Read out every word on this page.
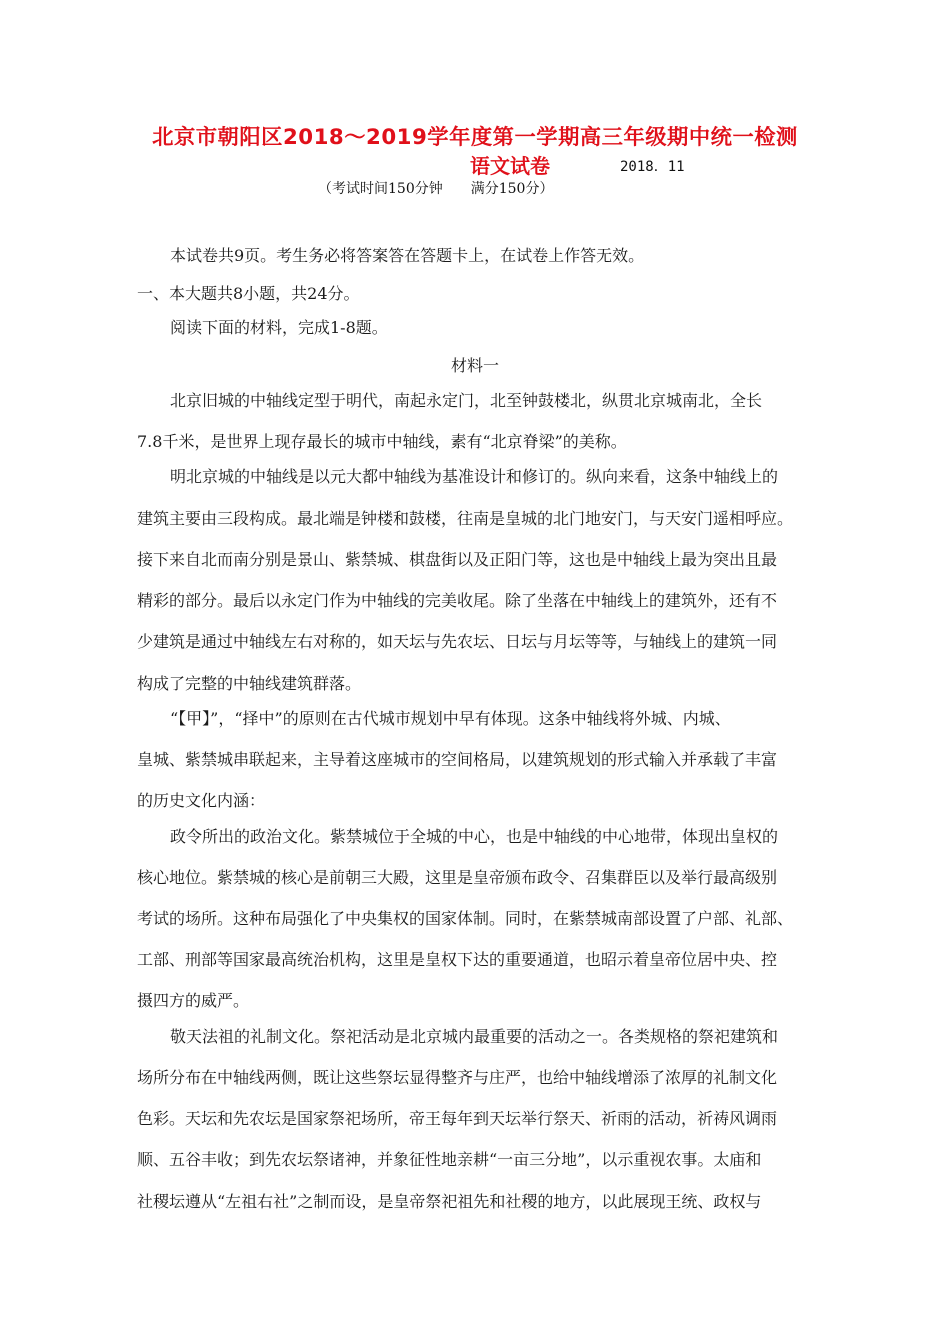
北京市朝阳区2018～2019学年度第一学期高三年级期中统一检测
语文试卷	2018．11
（考试时间150分钟　　满分150分）
本试卷共9页。考生务必将答案答在答题卡上，在试卷上作答无效。
一、本大题共8小题，共24分。
阅读下面的材料，完成1-8题。
材料一
北京旧城的中轴线定型于明代，南起永定门，北至钟鼓楼北，纵贯北京城南北，全长
7.8千米，是世界上现存最长的城市中轴线，素有“北京脊梁”的美称。
明北京城的中轴线是以元大都中轴线为基准设计和修订的。纵向来看，这条中轴线上的
建筑主要由三段构成。最北端是钟楼和鼓楼，往南是皇城的北门地安门，与天安门遥相呼应。
接下来自北而南分别是景山、紫禁城、棋盘街以及正阳门等，这也是中轴线上最为突出且最
精彩的部分。最后以永定门作为中轴线的完美收尾。除了坐落在中轴线上的建筑外，还有不
少建筑是通过中轴线左右对称的，如天坛与先农坛、日坛与月坛等等，与轴线上的建筑一同
构成了完整的中轴线建筑群落。
“【甲】”，“择中”的原则在古代城市规划中早有体现。这条中轴线将外城、内城、
皇城、紫禁城串联起来，主导着这座城市的空间格局，以建筑规划的形式输入并承载了丰富
的历史文化内涵：
政令所出的政治文化。紫禁城位于全城的中心，也是中轴线的中心地带，体现出皇权的
核心地位。紫禁城的核心是前朝三大殿，这里是皇帝颁布政令、召集群臣以及举行最高级别
考试的场所。这种布局强化了中央集权的国家体制。同时，在紫禁城南部设置了户部、礼部、
工部、刑部等国家最高统治机构，这里是皇权下达的重要通道，也昭示着皇帝位居中央、控
摄四方的威严。
敬天法祖的礼制文化。祭祀活动是北京城内最重要的活动之一。各类规格的祭祀建筑和
场所分布在中轴线两侧，既让这些祭坛显得整齐与庄严，也给中轴线增添了浓厚的礼制文化
色彩。天坛和先农坛是国家祭祀场所，帝王每年到天坛举行祭天、祈雨的活动，祈祷风调雨
顺、五谷丰收；到先农坛祭诸神，并象征性地亲耕“一亩三分地”，以示重视农事。太庙和
社稷坛遵从“左祖右社”之制而设，是皇帝祭祀祖先和社稷的地方，以此展现王统、政权与
